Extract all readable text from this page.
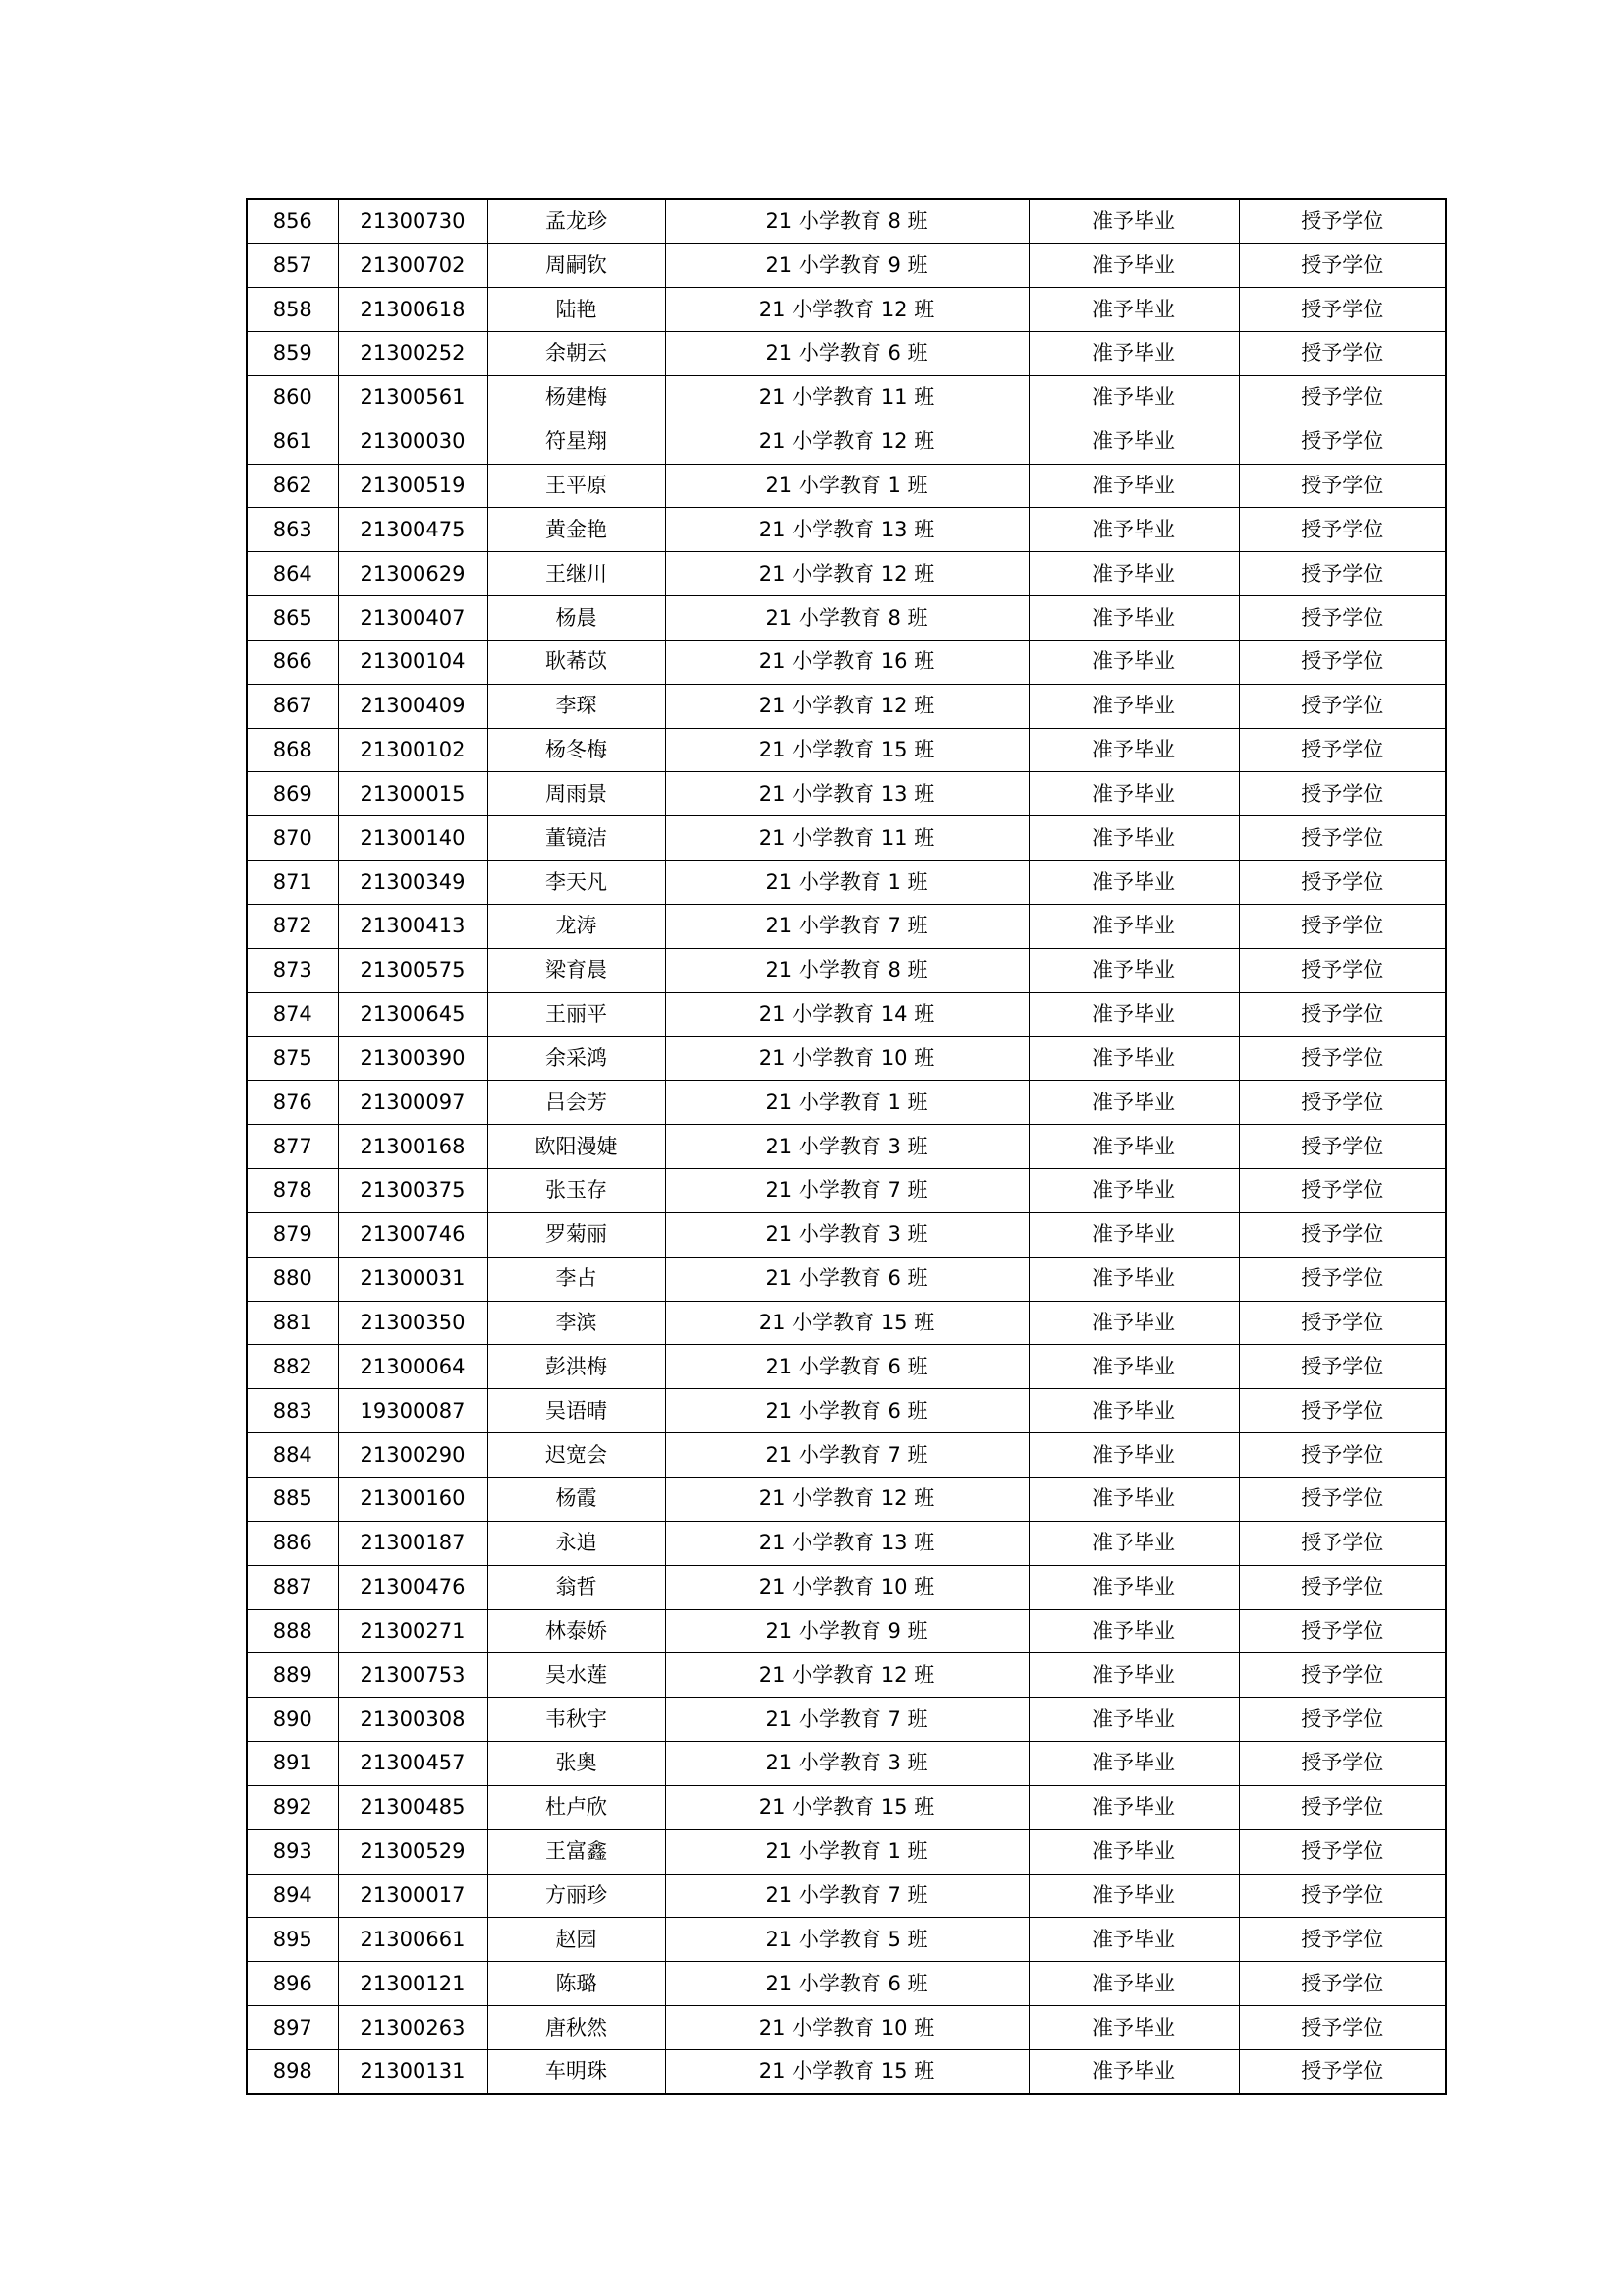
856	21300730	孟龙珍	21 小学教育 8 班	准予毕业	授予学位
857	21300702	周嗣钦	21 小学教育 9 班	准予毕业	授予学位
858	21300618	陆艳	21 小学教育 12 班	准予毕业	授予学位
859	21300252	余朝云	21 小学教育 6 班	准予毕业	授予学位
860	21300561	杨建梅	21 小学教育 11 班	准予毕业	授予学位
861	21300030	符星翔	21 小学教育 12 班	准予毕业	授予学位
862	21300519	王平原	21 小学教育 1 班	准予毕业	授予学位
863	21300475	黄金艳	21 小学教育 13 班	准予毕业	授予学位
864	21300629	王继川	21 小学教育 12 班	准予毕业	授予学位
865	21300407	杨晨	21 小学教育 8 班	准予毕业	授予学位
866	21300104	耿莃苡	21 小学教育 16 班	准予毕业	授予学位
867	21300409	李琛	21 小学教育 12 班	准予毕业	授予学位
868	21300102	杨冬梅	21 小学教育 15 班	准予毕业	授予学位
869	21300015	周雨景	21 小学教育 13 班	准予毕业	授予学位
870	21300140	董镜洁	21 小学教育 11 班	准予毕业	授予学位
871	21300349	李天凡	21 小学教育 1 班	准予毕业	授予学位
872	21300413	龙涛	21 小学教育 7 班	准予毕业	授予学位
873	21300575	梁育晨	21 小学教育 8 班	准予毕业	授予学位
874	21300645	王丽平	21 小学教育 14 班	准予毕业	授予学位
875	21300390	余采鸿	21 小学教育 10 班	准予毕业	授予学位
876	21300097	吕会芳	21 小学教育 1 班	准予毕业	授予学位
877	21300168	欧阳漫婕	21 小学教育 3 班	准予毕业	授予学位
878	21300375	张玉存	21 小学教育 7 班	准予毕业	授予学位
879	21300746	罗菊丽	21 小学教育 3 班	准予毕业	授予学位
880	21300031	李占	21 小学教育 6 班	准予毕业	授予学位
881	21300350	李滨	21 小学教育 15 班	准予毕业	授予学位
882	21300064	彭洪梅	21 小学教育 6 班	准予毕业	授予学位
883	19300087	吴语晴	21 小学教育 6 班	准予毕业	授予学位
884	21300290	迟宽会	21 小学教育 7 班	准予毕业	授予学位
885	21300160	杨霞	21 小学教育 12 班	准予毕业	授予学位
886	21300187	永追	21 小学教育 13 班	准予毕业	授予学位
887	21300476	翁哲	21 小学教育 10 班	准予毕业	授予学位
888	21300271	林泰娇	21 小学教育 9 班	准予毕业	授予学位
889	21300753	吴水莲	21 小学教育 12 班	准予毕业	授予学位
890	21300308	韦秋宇	21 小学教育 7 班	准予毕业	授予学位
891	21300457	张奥	21 小学教育 3 班	准予毕业	授予学位
892	21300485	杜卢欣	21 小学教育 15 班	准予毕业	授予学位
893	21300529	王富鑫	21 小学教育 1 班	准予毕业	授予学位
894	21300017	方丽珍	21 小学教育 7 班	准予毕业	授予学位
895	21300661	赵园	21 小学教育 5 班	准予毕业	授予学位
896	21300121	陈璐	21 小学教育 6 班	准予毕业	授予学位
897	21300263	唐秋然	21 小学教育 10 班	准予毕业	授予学位
898	21300131	车明珠	21 小学教育 15 班	准予毕业	授予学位
